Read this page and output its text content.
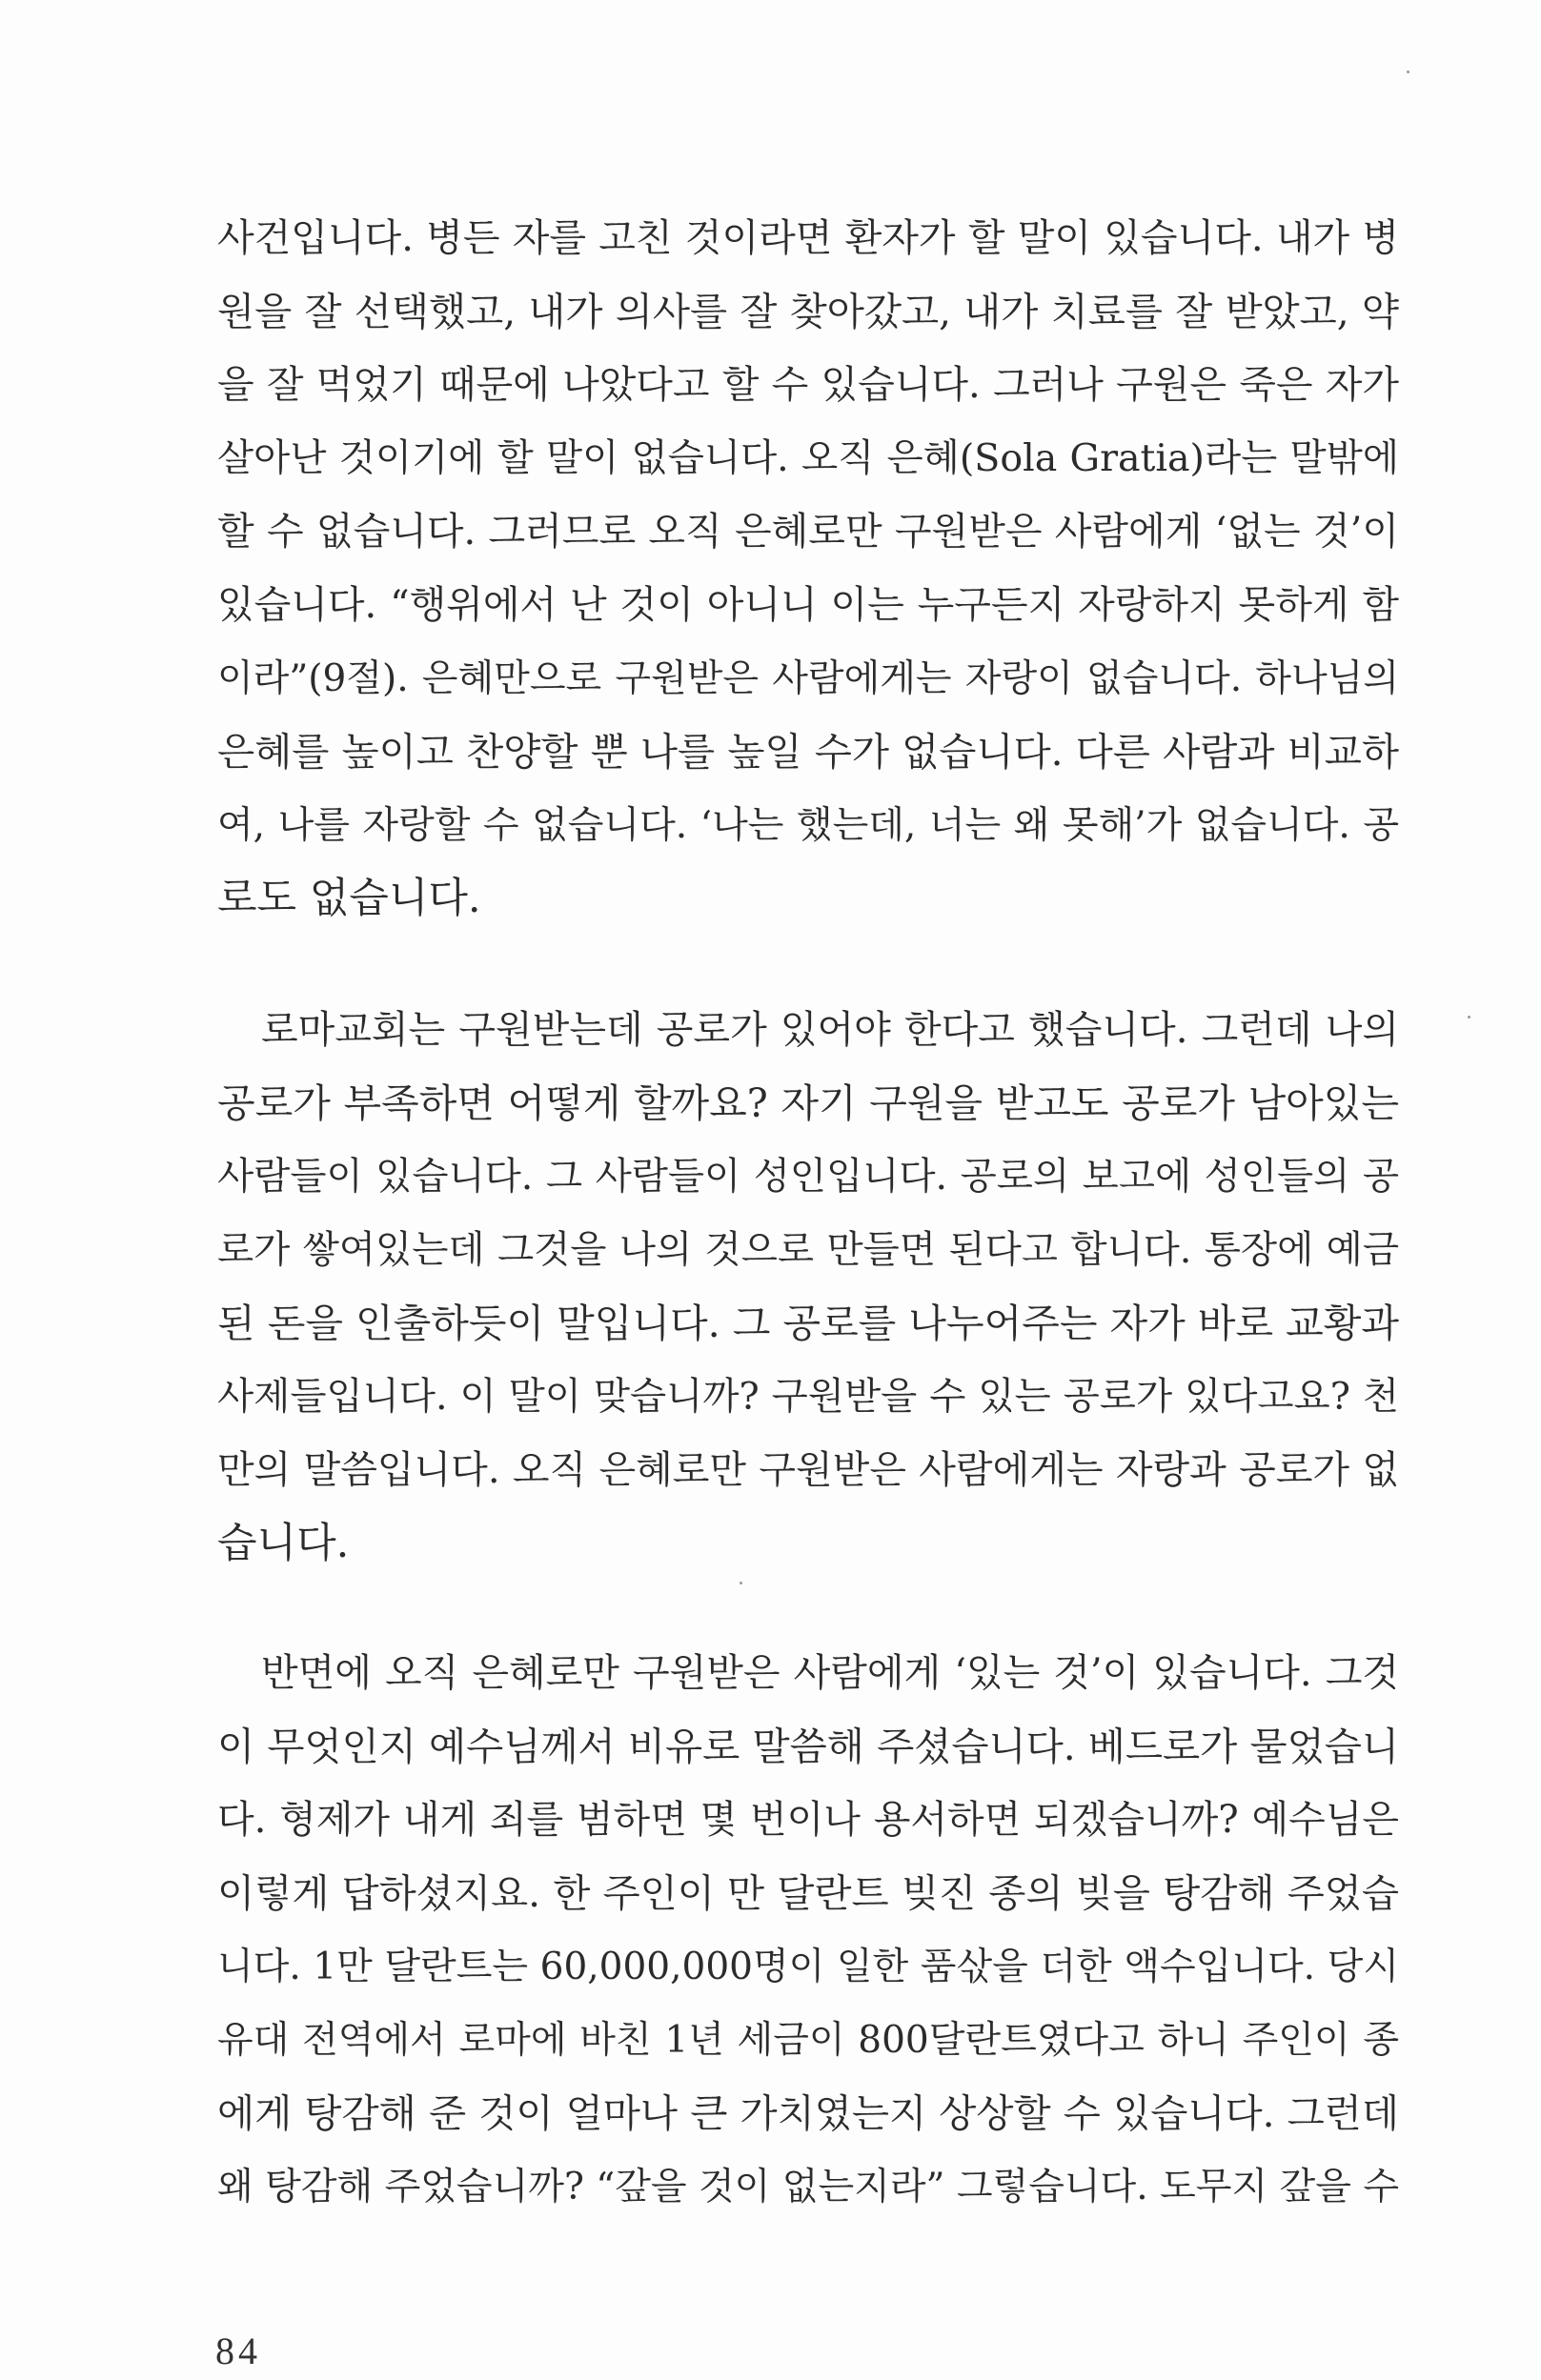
사건입니다. 병든 자를 고친 것이라면 환자가 할 말이 있습니다. 내가 병
원을 잘 선택했고, 내가 의사를 잘 찾아갔고, 내가 치료를 잘 받았고, 약
을 잘 먹었기 때문에 나았다고 할 수 있습니다. 그러나 구원은 죽은 자가
살아난 것이기에 할 말이 없습니다. 오직 은혜(Sola Gratia)라는 말밖에
할 수 없습니다. 그러므로 오직 은혜로만 구원받은 사람에게 ‘없는 것’이
있습니다. “행위에서 난 것이 아니니 이는 누구든지 자랑하지 못하게 함
이라”(9절). 은혜만으로 구원받은 사람에게는 자랑이 없습니다. 하나님의
은혜를 높이고 찬양할 뿐 나를 높일 수가 없습니다. 다른 사람과 비교하
여, 나를 자랑할 수 없습니다. ‘나는 했는데, 너는 왜 못해’가 없습니다. 공
로도 없습니다.
로마교회는 구원받는데 공로가 있어야 한다고 했습니다. 그런데 나의
공로가 부족하면 어떻게 할까요? 자기 구원을 받고도 공로가 남아있는
사람들이 있습니다. 그 사람들이 성인입니다. 공로의 보고에 성인들의 공
로가 쌓여있는데 그것을 나의 것으로 만들면 된다고 합니다. 통장에 예금
된 돈을 인출하듯이 말입니다. 그 공로를 나누어주는 자가 바로 교황과
사제들입니다. 이 말이 맞습니까? 구원받을 수 있는 공로가 있다고요? 천
만의 말씀입니다. 오직 은혜로만 구원받은 사람에게는 자랑과 공로가 없
습니다.
반면에 오직 은혜로만 구원받은 사람에게 ‘있는 것’이 있습니다. 그것
이 무엇인지 예수님께서 비유로 말씀해 주셨습니다. 베드로가 물었습니
다. 형제가 내게 죄를 범하면 몇 번이나 용서하면 되겠습니까? 예수님은
이렇게 답하셨지요. 한 주인이 만 달란트 빚진 종의 빚을 탕감해 주었습
니다. 1만 달란트는 60,000,000명이 일한 품삯을 더한 액수입니다. 당시
유대 전역에서 로마에 바친 1년 세금이 800달란트였다고 하니 주인이 종
에게 탕감해 준 것이 얼마나 큰 가치였는지 상상할 수 있습니다. 그런데
왜 탕감해 주었습니까? “갚을 것이 없는지라” 그렇습니다. 도무지 갚을 수
84
